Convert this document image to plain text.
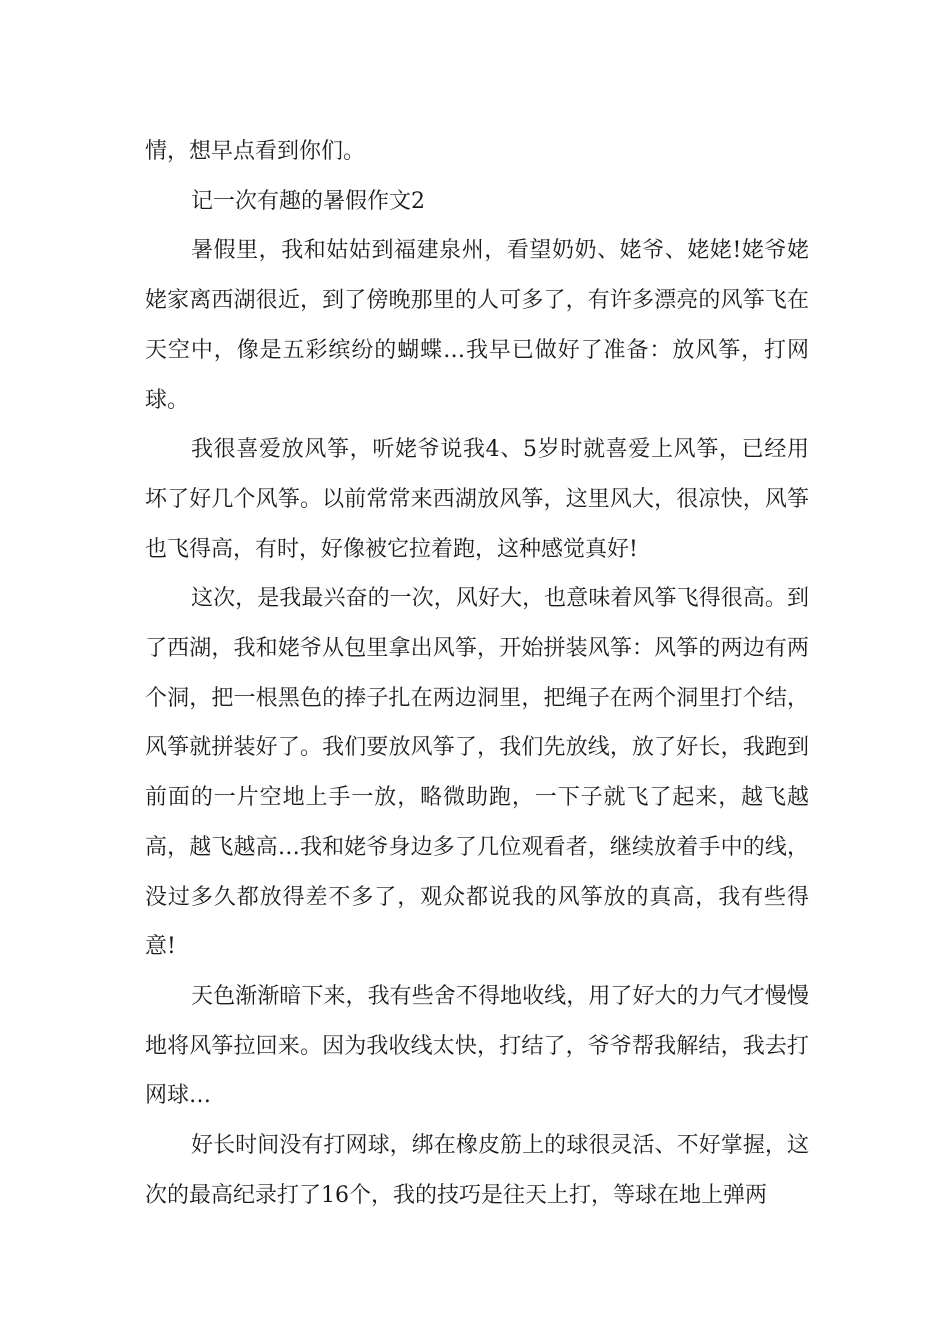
情，想早点看到你们。

记一次有趣的暑假作文2

暑假里，我和姑姑到福建泉州，看望奶奶、姥爷、姥姥!姥爷姥姥家离西湖很近，到了傍晚那里的人可多了，有许多漂亮的风筝飞在天空中，像是五彩缤纷的蝴蝶…我早已做好了准备：放风筝，打网球。

我很喜爱放风筝，听姥爷说我4、5岁时就喜爱上风筝，已经用坏了好几个风筝。以前常常来西湖放风筝，这里风大，很凉快，风筝也飞得高，有时，好像被它拉着跑，这种感觉真好!

这次，是我最兴奋的一次，风好大，也意味着风筝飞得很高。到了西湖，我和姥爷从包里拿出风筝，开始拼装风筝：风筝的两边有两个洞，把一根黑色的捧子扎在两边洞里，把绳子在两个洞里打个结，风筝就拼装好了。我们要放风筝了，我们先放线，放了好长，我跑到前面的一片空地上手一放，略微助跑，一下子就飞了起来，越飞越高，越飞越高…我和姥爷身边多了几位观看者，继续放着手中的线，没过多久都放得差不多了，观众都说我的风筝放的真高，我有些得意!

天色渐渐暗下来，我有些舍不得地收线，用了好大的力气才慢慢地将风筝拉回来。因为我收线太快，打结了，爷爷帮我解结，我去打网球…

好长时间没有打网球，绑在橡皮筋上的球很灵活、不好掌握，这次的最高纪录打了16个，我的技巧是往天上打，等球在地上弹两
